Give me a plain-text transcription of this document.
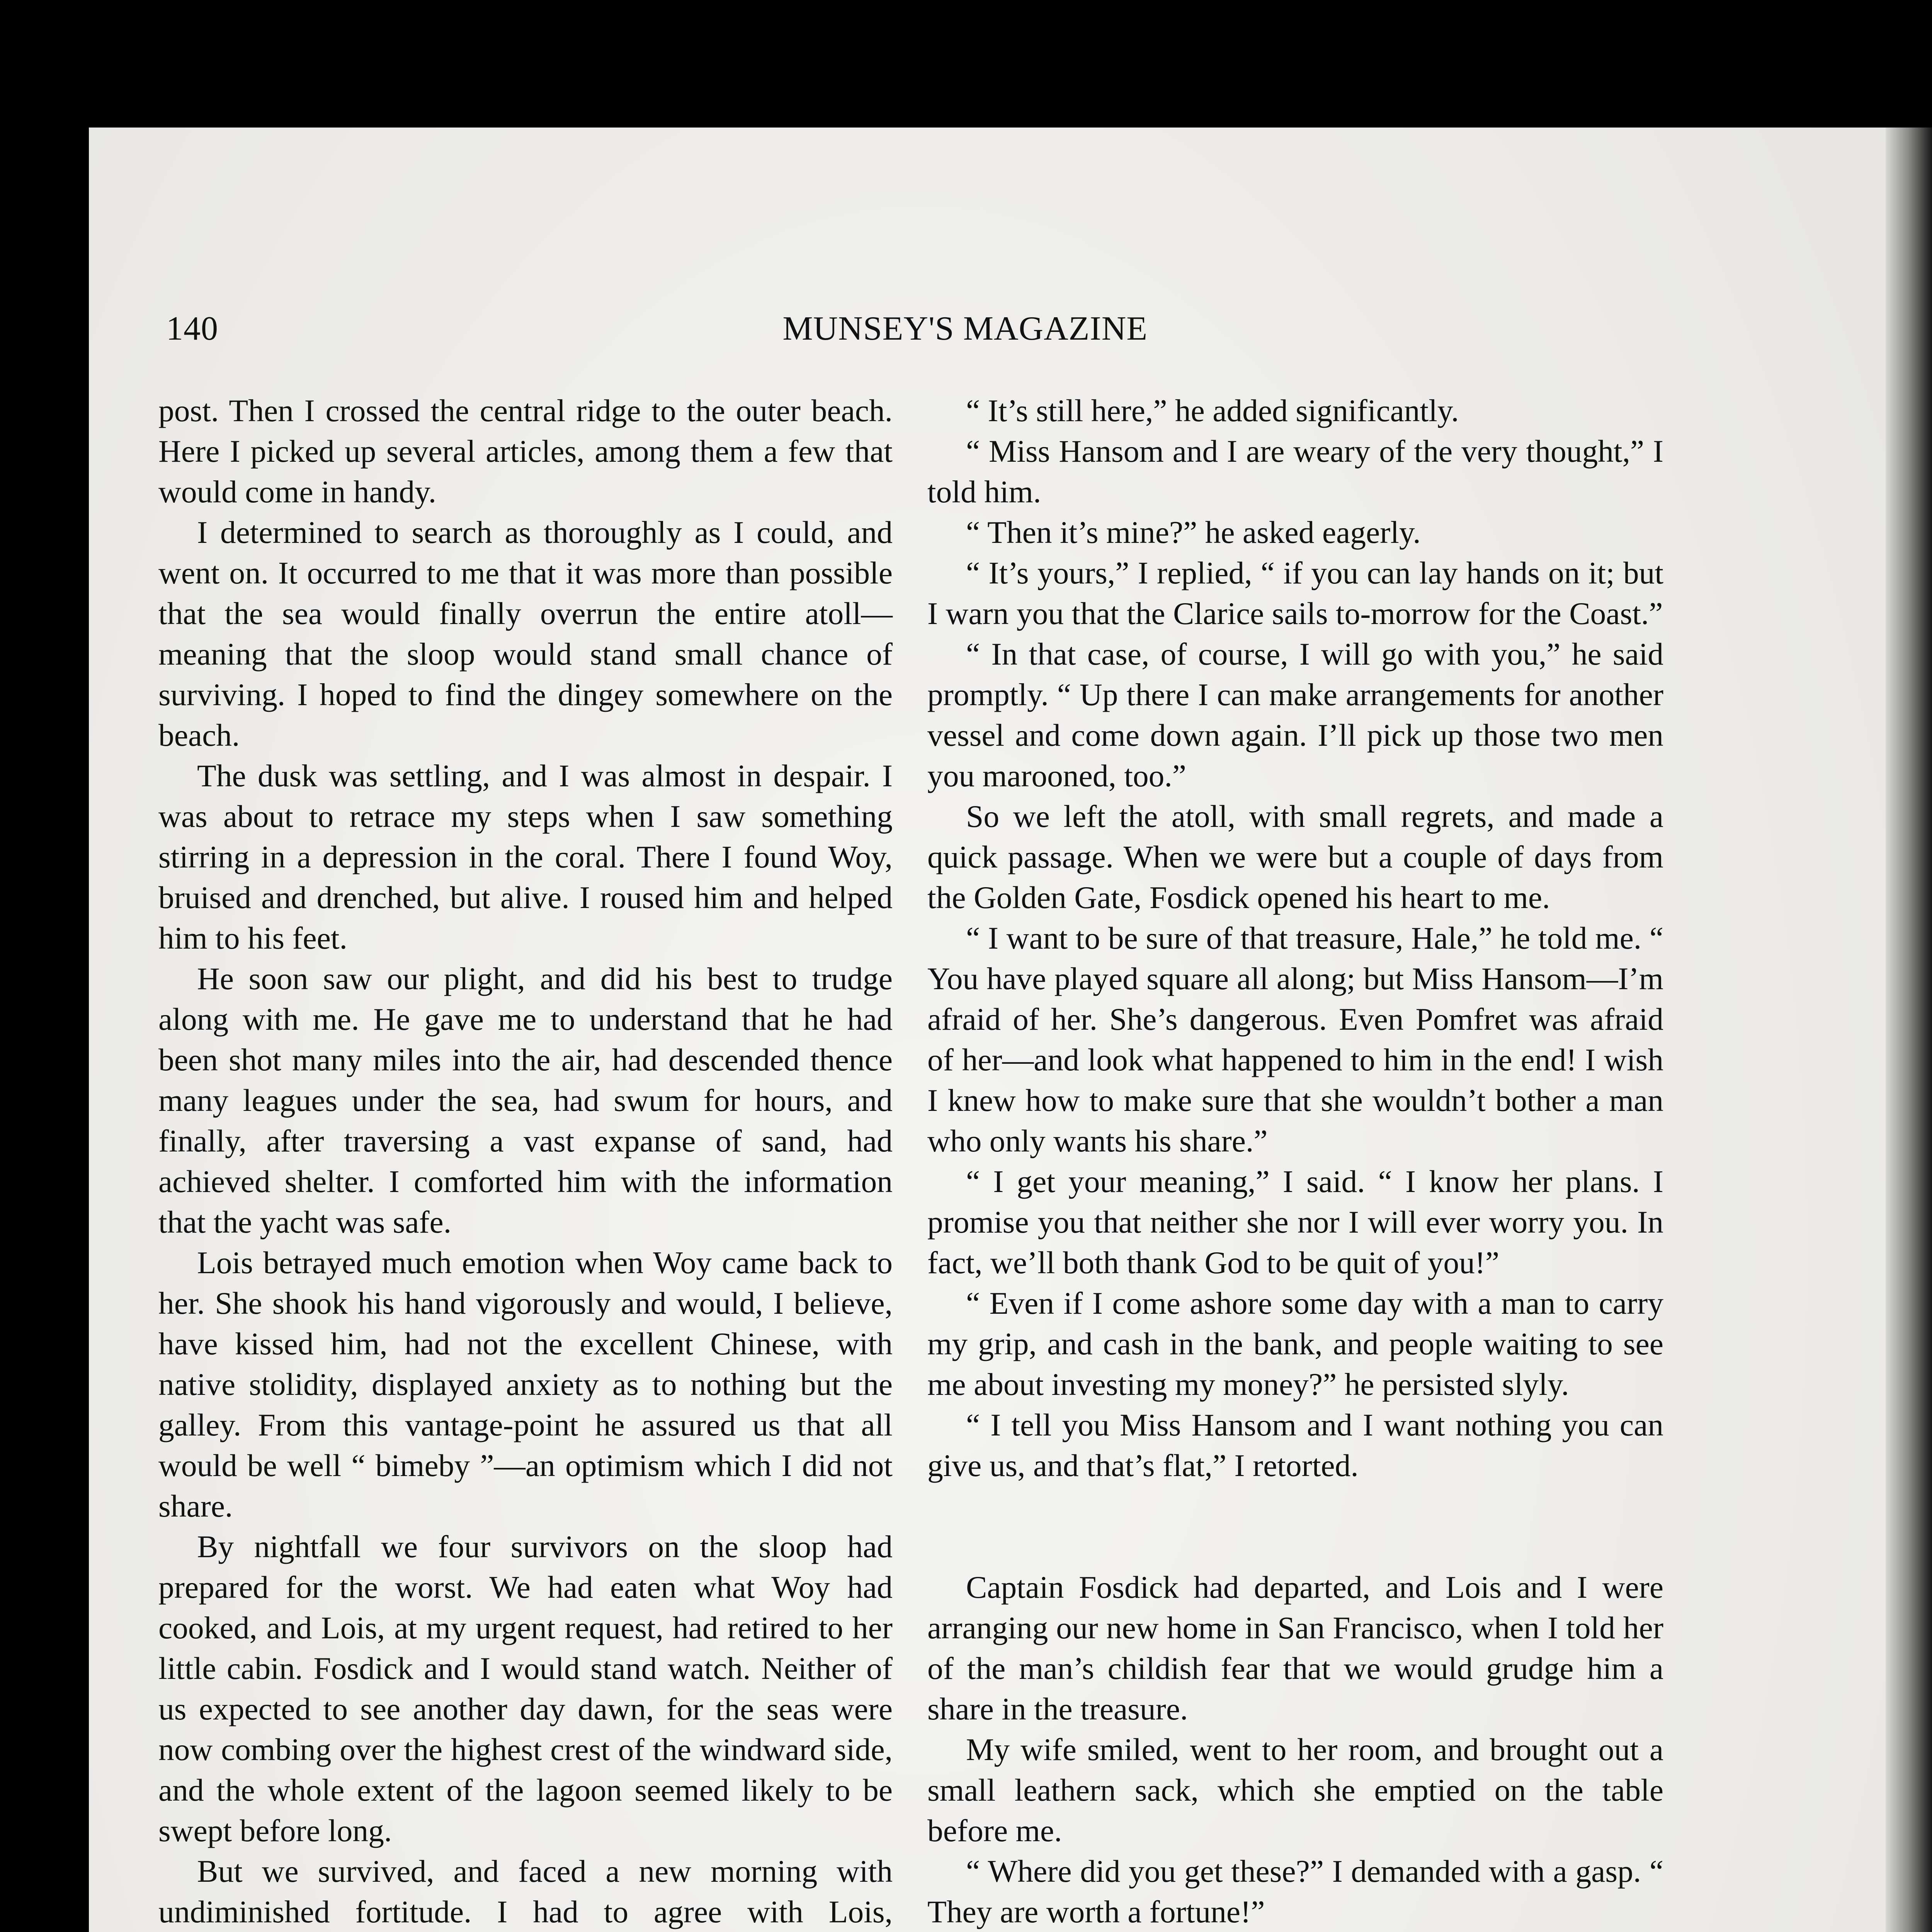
140	MUNSEY'S MAGAZINE

post. Then I crossed the central ridge to the outer beach. Here I picked up several articles, among them a few that would come in handy.

I determined to search as thoroughly as I could, and went on. It occurred to me that it was more than possible that the sea would finally overrun the entire atoll—meaning that the sloop would stand small chance of surviving. I hoped to find the dingey somewhere on the beach.

The dusk was settling, and I was almost in despair. I was about to retrace my steps when I saw something stirring in a depression in the coral. There I found Woy, bruised and drenched, but alive. I roused him and helped him to his feet.

He soon saw our plight, and did his best to trudge along with me. He gave me to understand that he had been shot many miles into the air, had descended thence many leagues under the sea, had swum for hours, and finally, after traversing a vast expanse of sand, had achieved shelter. I comforted him with the information that the yacht was safe.

Lois betrayed much emotion when Woy came back to her. She shook his hand vigorously and would, I believe, have kissed him, had not the excellent Chinese, with native stolidity, displayed anxiety as to nothing but the galley. From this vantage-point he assured us that all would be well “ bimeby ”—an optimism which I did not share.

By nightfall we four survivors on the sloop had prepared for the worst. We had eaten what Woy had cooked, and Lois, at my urgent request, had retired to her little cabin. Fosdick and I would stand watch. Neither of us expected to see another day dawn, for the seas were now combing over the highest crest of the windward side, and the whole extent of the lagoon seemed likely to be swept before long.

But we survived, and faced a new morning with undiminished fortitude. I had to agree with Lois,

“ It’s still here,” he added significantly.

“ Miss Hansom and I are weary of the very thought,” I told him.

“ Then it’s mine?” he asked eagerly.

“ It’s yours,” I replied, “ if you can lay hands on it; but I warn you that the Clarice sails to-morrow for the Coast.”

“ In that case, of course, I will go with you,” he said promptly. “ Up there I can make arrangements for another vessel and come down again. I’ll pick up those two men you marooned, too.”

So we left the atoll, with small regrets, and made a quick passage. When we were but a couple of days from the Golden Gate, Fosdick opened his heart to me.

“ I want to be sure of that treasure, Hale,” he told me. “ You have played square all along; but Miss Hansom—I’m afraid of her. She’s dangerous. Even Pomfret was afraid of her—and look what happened to him in the end! I wish I knew how to make sure that she wouldn’t bother a man who only wants his share.”

“ I get your meaning,” I said. “ I know her plans. I promise you that neither she nor I will ever worry you. In fact, we’ll both thank God to be quit of you!”

“ Even if I come ashore some day with a man to carry my grip, and cash in the bank, and people waiting to see me about investing my money?” he persisted slyly.

“ I tell you Miss Hansom and I want nothing you can give us, and that’s flat,” I retorted.

Captain Fosdick had departed, and Lois and I were arranging our new home in San Francisco, when I told her of the man’s childish fear that we would grudge him a share in the treasure.

My wife smiled, went to her room, and brought out a small leathern sack, which she emptied on the table before me.

“ Where did you get these?” I demanded with a gasp. “ They are worth a fortune!”
